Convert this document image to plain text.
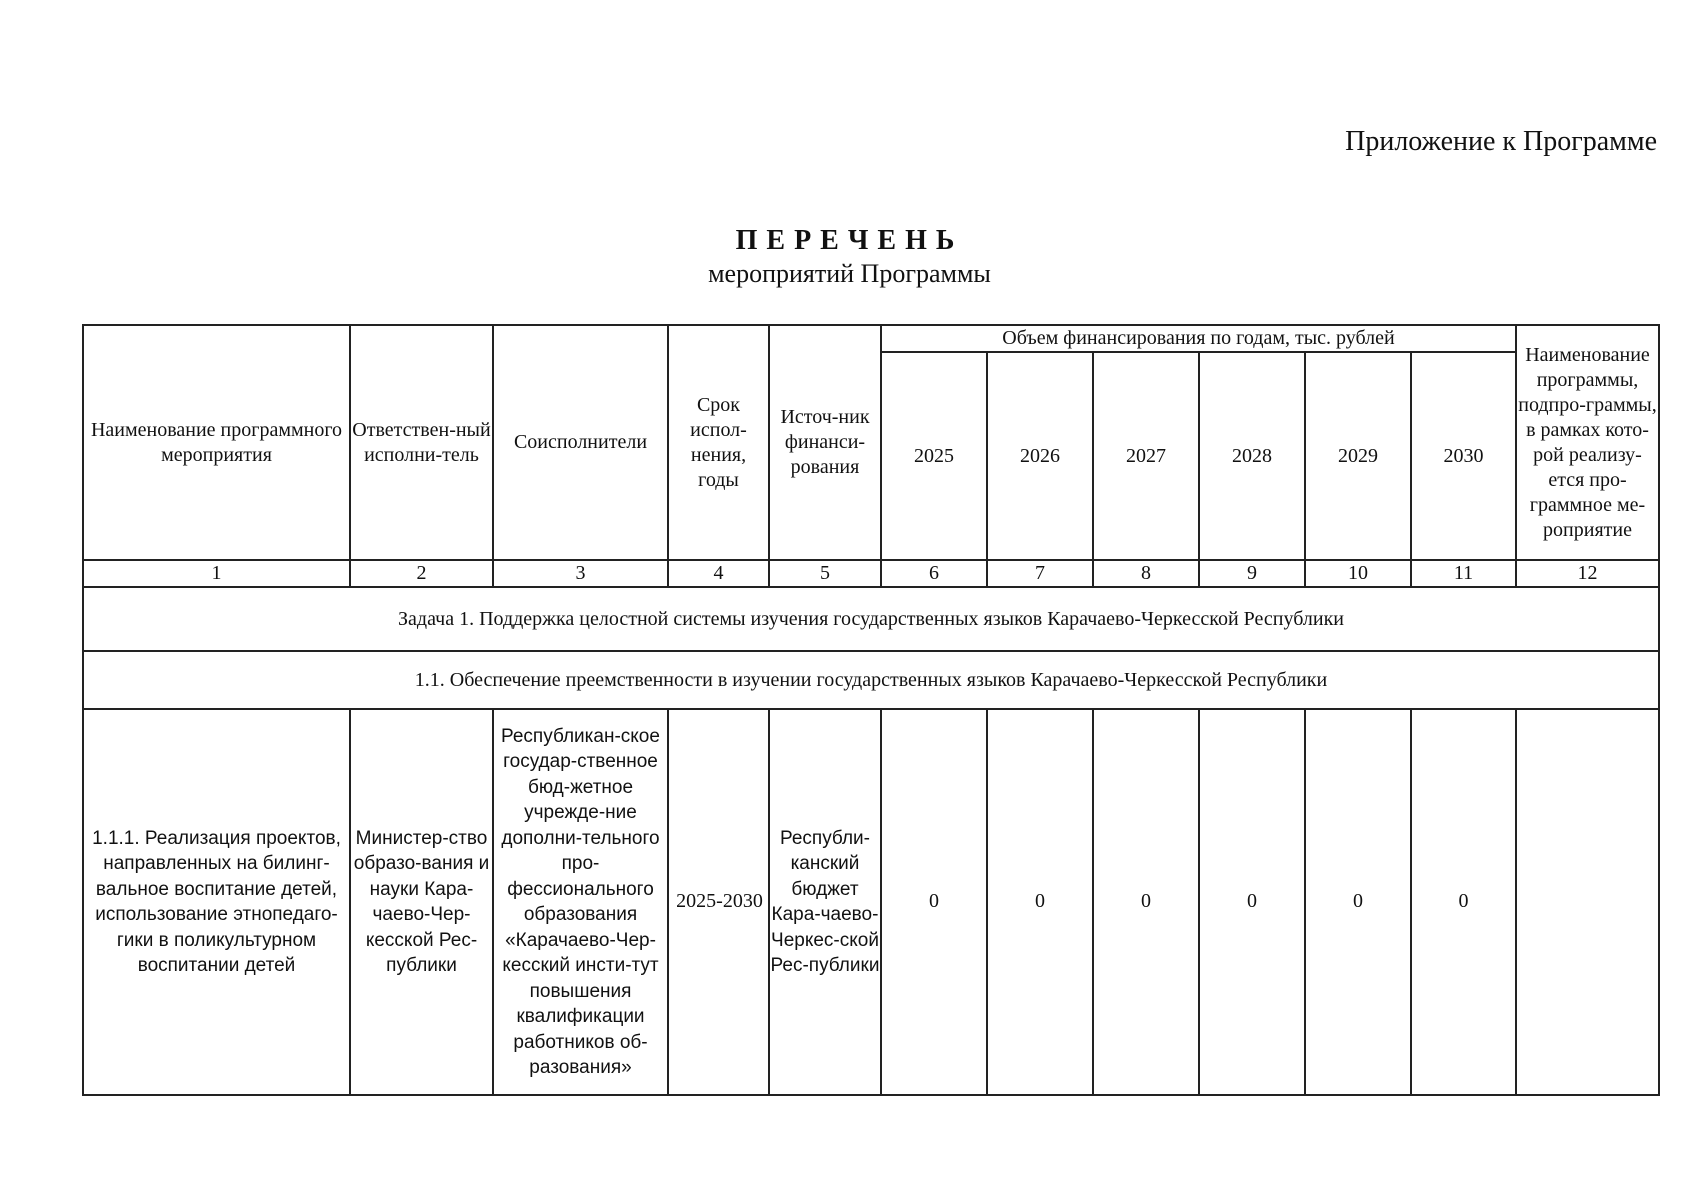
Приложение к Программе
ПЕРЕЧЕНЬ
мероприятий Программы
Наименование программного мероприятия	Ответствен-ный исполни-тель	Соисполнители	Срок испол-нения, годы	Источ-ник финанси-рования	Объем финансирования по годам, тыс. рублей						Наименование программы, подпро-граммы, в рамках кото-рой реализу-ется про-граммное ме-роприятие
					2025	2026	2027	2028	2029	2030	
1	2	3	4	5	6	7	8	9	10	11	12
Задача 1. Поддержка целостной системы изучения государственных языков Карачаево-Черкесской Республики											
1.1. Обеспечение преемственности в изучении государственных языков Карачаево-Черкесской Республики											
1.1.1. Реализация проектов, направленных на билинг-вальное воспитание детей, использование этнопедаго-гики в поликультурном воспитании детей	Министер-ство образо-вания и науки Кара-чаево-Чер-кесской Рес-публики	Республикан-ское государ-ственное бюд-жетное учрежде-ние дополни-тельного про-фессионального образования «Карачаево-Чер-кесский инсти-тут повышения квалификации работников об-разования»	2025-2030	Республи-канский бюджет Кара-чаево-Черкес-ской Рес-публики	0	0	0	0	0	0	
